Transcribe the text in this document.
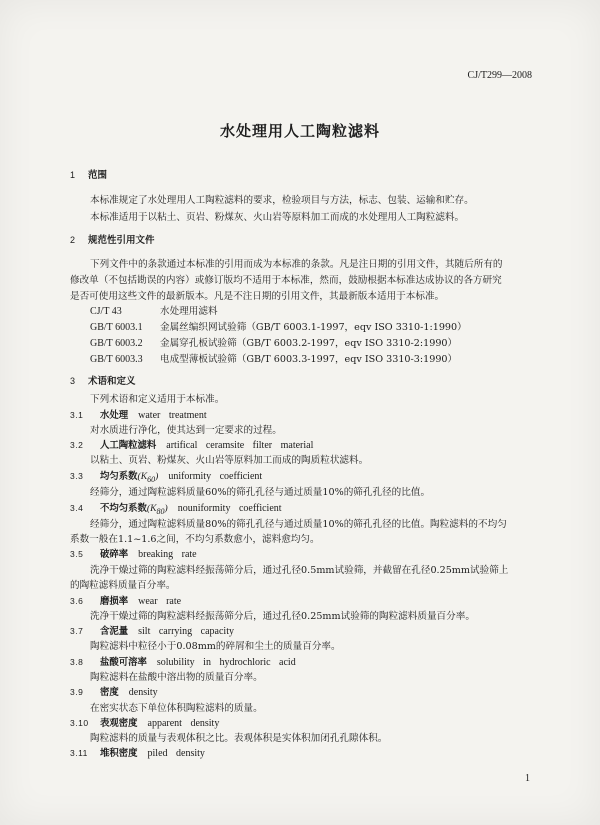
CJ/T299—2008
水处理用人工陶粒滤料
1 范围
本标准规定了水处理用人工陶粒滤料的要求，检验项目与方法，标志、包装、运输和贮存。
本标准适用于以粘土、页岩、粉煤灰、火山岩等原料加工而成的水处理用人工陶粒滤料。
2 规范性引用文件
下列文件中的条款通过本标准的引用而成为本标准的条款。凡是注日期的引用文件，其随后所有的
修改单（不包括勘误的内容）或修订版均不适用于本标准，然而，鼓励根据本标准达成协议的各方研究
是否可使用这些文件的最新版本。凡是不注日期的引用文件，其最新版本适用于本标准。
CJ/T 43	水处理用滤料
GB/T 6003.1 金属丝编织网试验筛（GB/T 6003.1-1997，eqv ISO 3310-1:1990）
GB/T 6003.2 金属穿孔板试验筛（GB/T 6003.2-1997，eqv ISO 3310-2:1990）
GB/T 6003.3 电成型薄板试验筛（GB/T 6003.3-1997，eqv ISO 3310-3:1990）
3 术语和定义
下列术语和定义适用于本标准。
3.1 水处理 water treatment
对水质进行净化，使其达到一定要求的过程。
3.2 人工陶粒滤料 artifical ceramsite filter material
以粘土、页岩、粉煤灰、火山岩等原料加工而成的陶质粒状滤料。
3.3 均匀系数$(K_{60})$ uniformity coefficient
经筛分，通过陶粒滤料质量60%的筛孔孔径与通过质量10%的筛孔孔径的比值。
3.4 不均匀系数$(K_{80})$ nouniformity coefficient
经筛分，通过陶粒滤料质量80%的筛孔孔径与通过质量10%的筛孔孔径的比值。陶粒滤料的不均匀
系数一般在1.1~1.6之间，不均匀系数愈小，滤料愈均匀。
3.5 破碎率 breaking rate
洗净干燥过筛的陶粒滤料经振荡筛分后，通过孔径0.5mm试验筛，并截留在孔径0.25mm试验筛上
的陶粒滤料质量百分率。
3.6 磨损率 wear rate
洗净干燥过筛的陶粒滤料经振荡筛分后，通过孔径0.25mm试验筛的陶粒滤料质量百分率。
3.7 含泥量 silt carrying capacity
陶粒滤料中粒径小于0.08mm的碎屑和尘土的质量百分率。
3.8 盐酸可溶率 solubility in hydrochloric acid
陶粒滤料在盐酸中溶出物的质量百分率。
3.9 密度 density
在密实状态下单位体积陶粒滤料的质量。
3.10 表观密度 apparent density
陶粒滤料的质量与表观体积之比。表观体积是实体积加闭孔孔隙体积。
3.11 堆积密度 piled density
1
